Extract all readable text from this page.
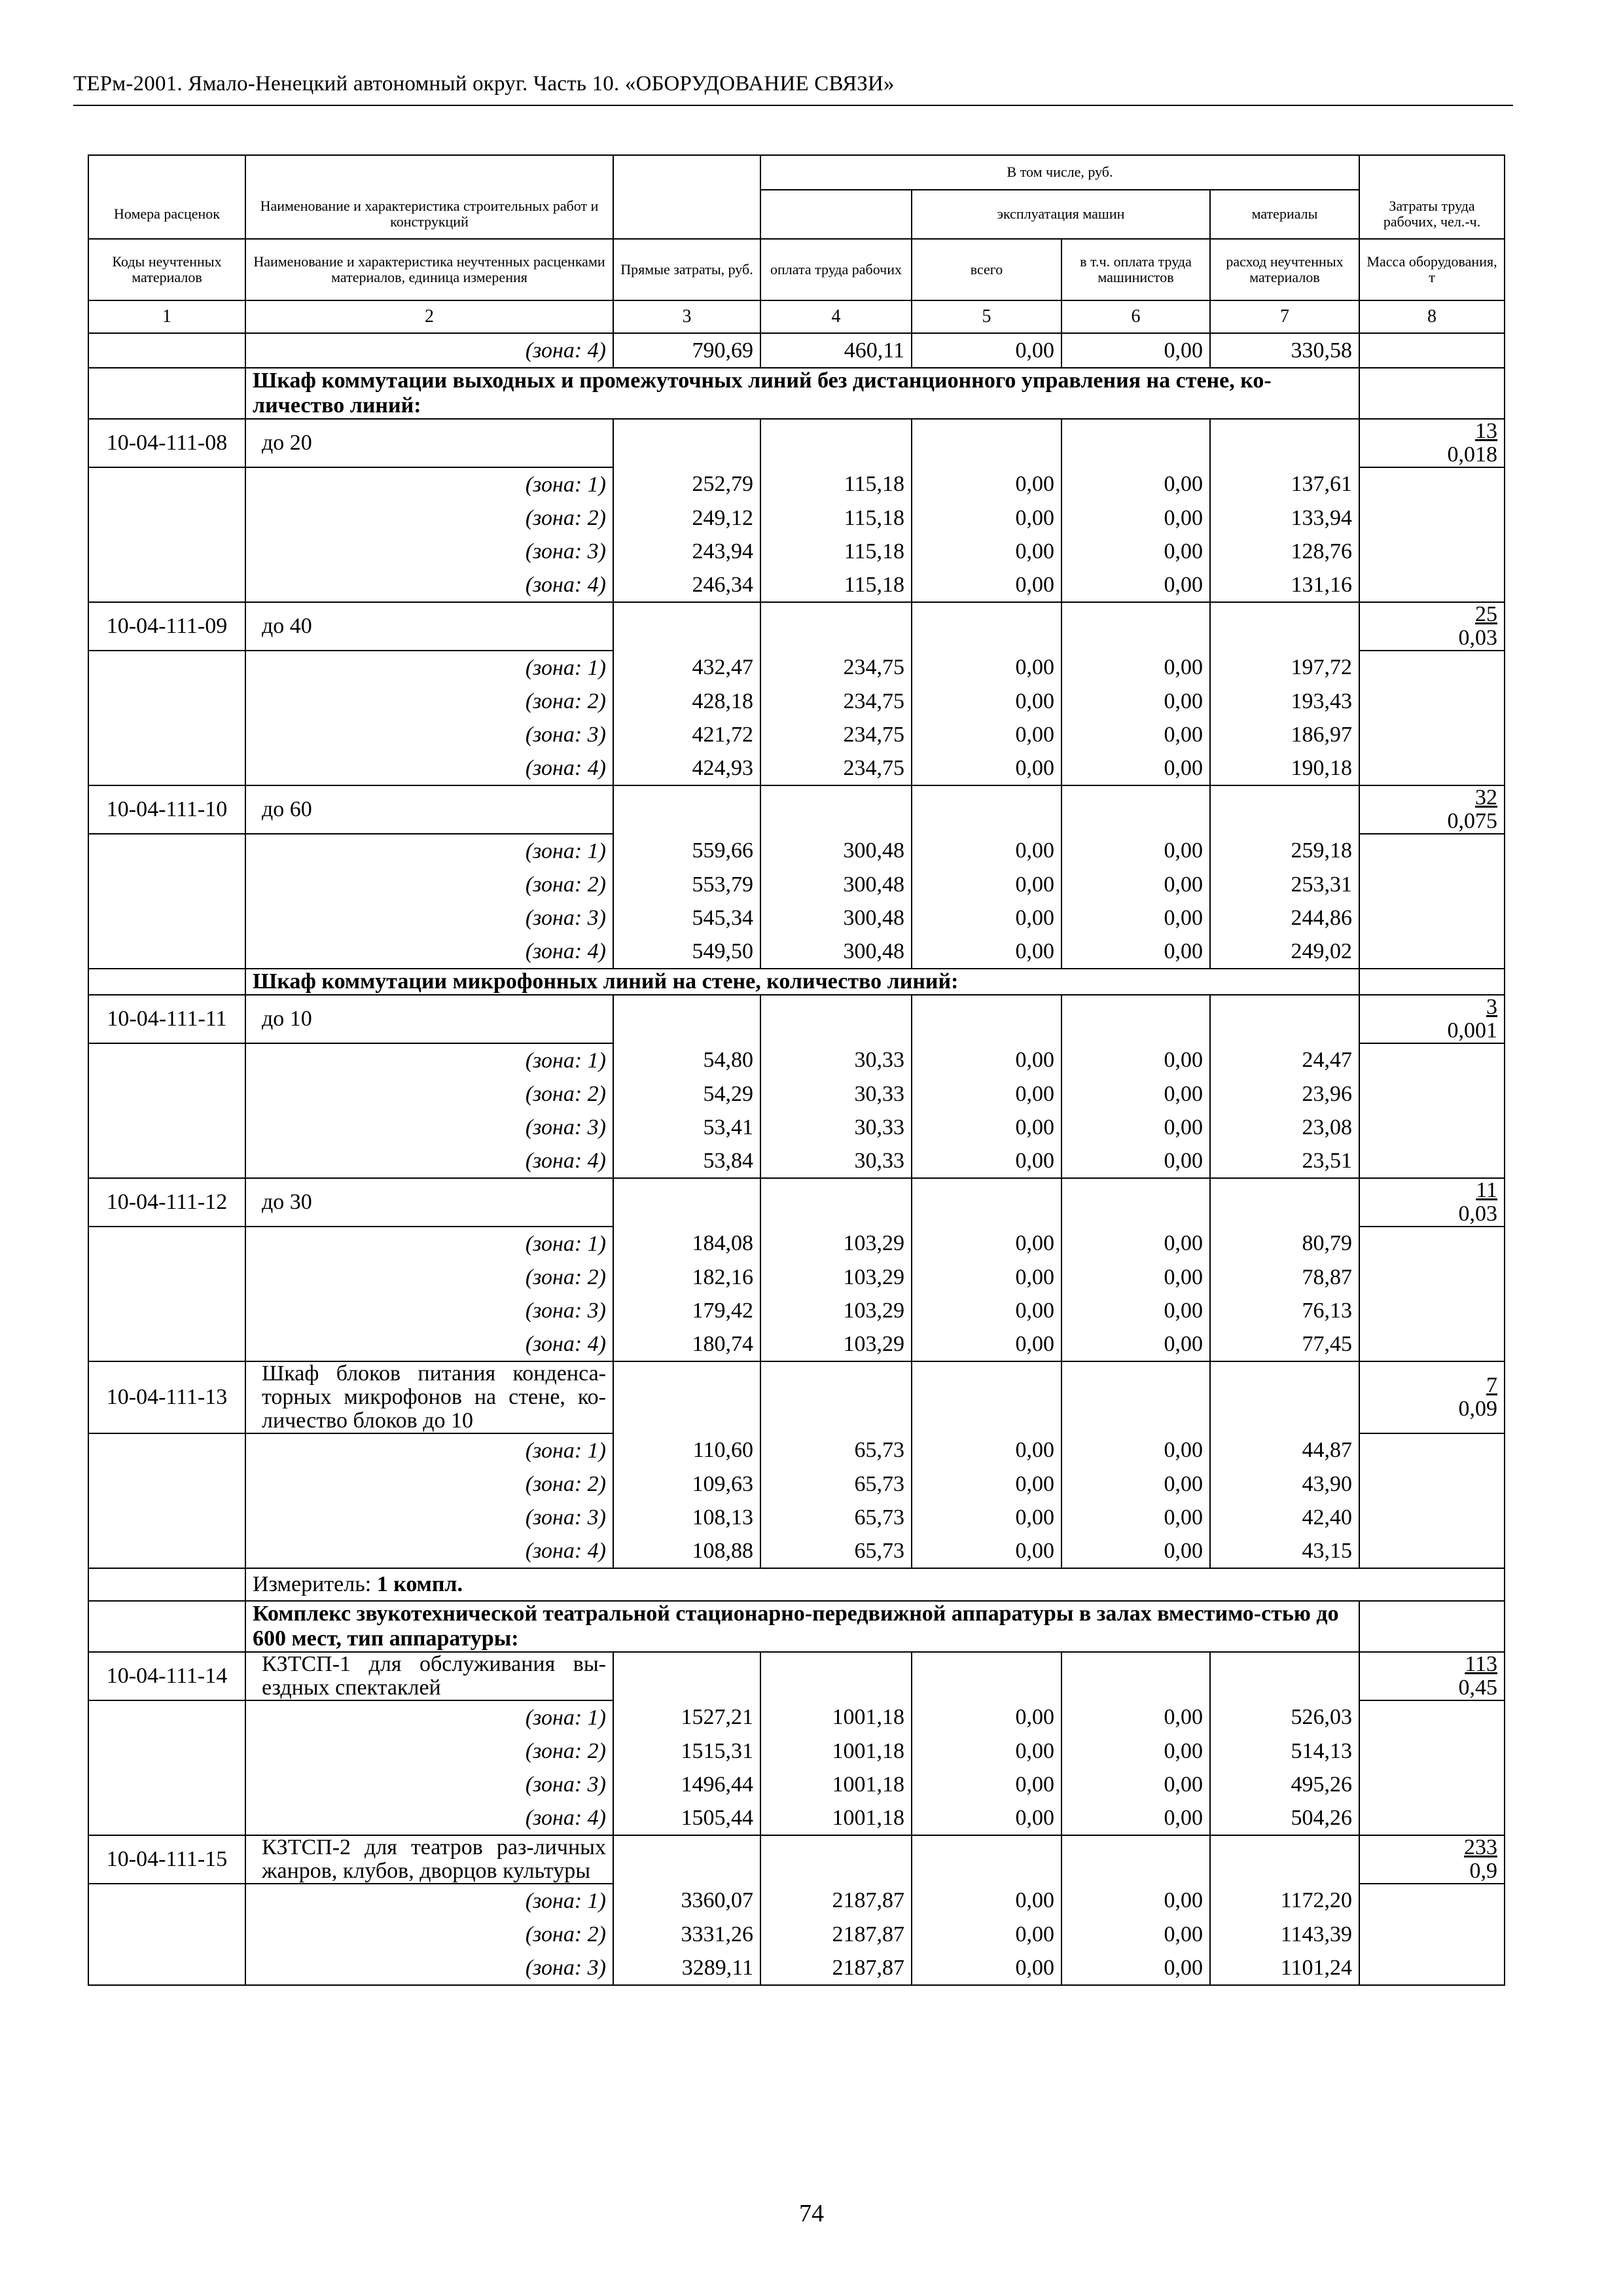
ТЕРм-2001. Ямало-Ненецкий автономный округ. Часть 10. «ОБОРУДОВАНИЕ СВЯЗИ»
			В том числе, руб.				
Номера расценок	Наименование и характеристика строительных работ и конструкций			эксплуатация машин		материалы	Затраты труда рабочих, чел.-ч.
Коды неучтенных материалов	Наименование и характеристика неучтенных расценками материалов, единица измерения	Прямые затраты, руб.	оплата труда рабочих	всего	в т.ч. оплата труда машинистов	расход неучтенных материалов	Масса оборудования, т
1	2	3	4	5	6	7	8
	(зона: 4)	790,69	460,11	0,00	0,00	330,58	
	Шкаф коммутации выходных и промежуточных линий без дистанционного управления на стене, ко-личество линий:						
10-04-111-08	до 20						13
0,018

	(зона: 1)	252,79	115,18	0,00	0,00	137,61	
	(зона: 2)	249,12	115,18	0,00	0,00	133,94	
	(зона: 3)	243,94	115,18	0,00	0,00	128,76	
	(зона: 4)	246,34	115,18	0,00	0,00	131,16	
10-04-111-09	до 40						25
0,03

	(зона: 1)	432,47	234,75	0,00	0,00	197,72	
	(зона: 2)	428,18	234,75	0,00	0,00	193,43	
	(зона: 3)	421,72	234,75	0,00	0,00	186,97	
	(зона: 4)	424,93	234,75	0,00	0,00	190,18	
10-04-111-10	до 60						32
0,075

	(зона: 1)	559,66	300,48	0,00	0,00	259,18	
	(зона: 2)	553,79	300,48	0,00	0,00	253,31	
	(зона: 3)	545,34	300,48	0,00	0,00	244,86	
	(зона: 4)	549,50	300,48	0,00	0,00	249,02	
	Шкаф коммутации микрофонных линий на стене, количество линий:						
10-04-111-11	до 10						3
0,001

	(зона: 1)	54,80	30,33	0,00	0,00	24,47	
	(зона: 2)	54,29	30,33	0,00	0,00	23,96	
	(зона: 3)	53,41	30,33	0,00	0,00	23,08	
	(зона: 4)	53,84	30,33	0,00	0,00	23,51	
10-04-111-12	до 30						11
0,03

	(зона: 1)	184,08	103,29	0,00	0,00	80,79	
	(зона: 2)	182,16	103,29	0,00	0,00	78,87	
	(зона: 3)	179,42	103,29	0,00	0,00	76,13	
	(зона: 4)	180,74	103,29	0,00	0,00	77,45	
10-04-111-13	Шкаф блоков питания конденса-торных микрофонов на стене, ко-личество блоков до 10						7
0,09

	(зона: 1)	110,60	65,73	0,00	0,00	44,87	
	(зона: 2)	109,63	65,73	0,00	0,00	43,90	
	(зона: 3)	108,13	65,73	0,00	0,00	42,40	
	(зона: 4)	108,88	65,73	0,00	0,00	43,15	
	Измеритель: 1 компл.						
	Комплекс звукотехнической театральной стационарно-передвижной аппаратуры в залах вместимо-стью до 600 мест, тип аппаратуры:						
10-04-111-14	КЗТСП-1 для обслуживания вы-ездных спектаклей						113
0,45

	(зона: 1)	1527,21	1001,18	0,00	0,00	526,03	
	(зона: 2)	1515,31	1001,18	0,00	0,00	514,13	
	(зона: 3)	1496,44	1001,18	0,00	0,00	495,26	
	(зона: 4)	1505,44	1001,18	0,00	0,00	504,26	
10-04-111-15	КЗТСП-2 для театров раз-личных жанров, клубов, дворцов культуры						233
0,9

	(зона: 1)	3360,07	2187,87	0,00	0,00	1172,20	
	(зона: 2)	3331,26	2187,87	0,00	0,00	1143,39	
	(зона: 3)	3289,11	2187,87	0,00	0,00	1101,24	
74
